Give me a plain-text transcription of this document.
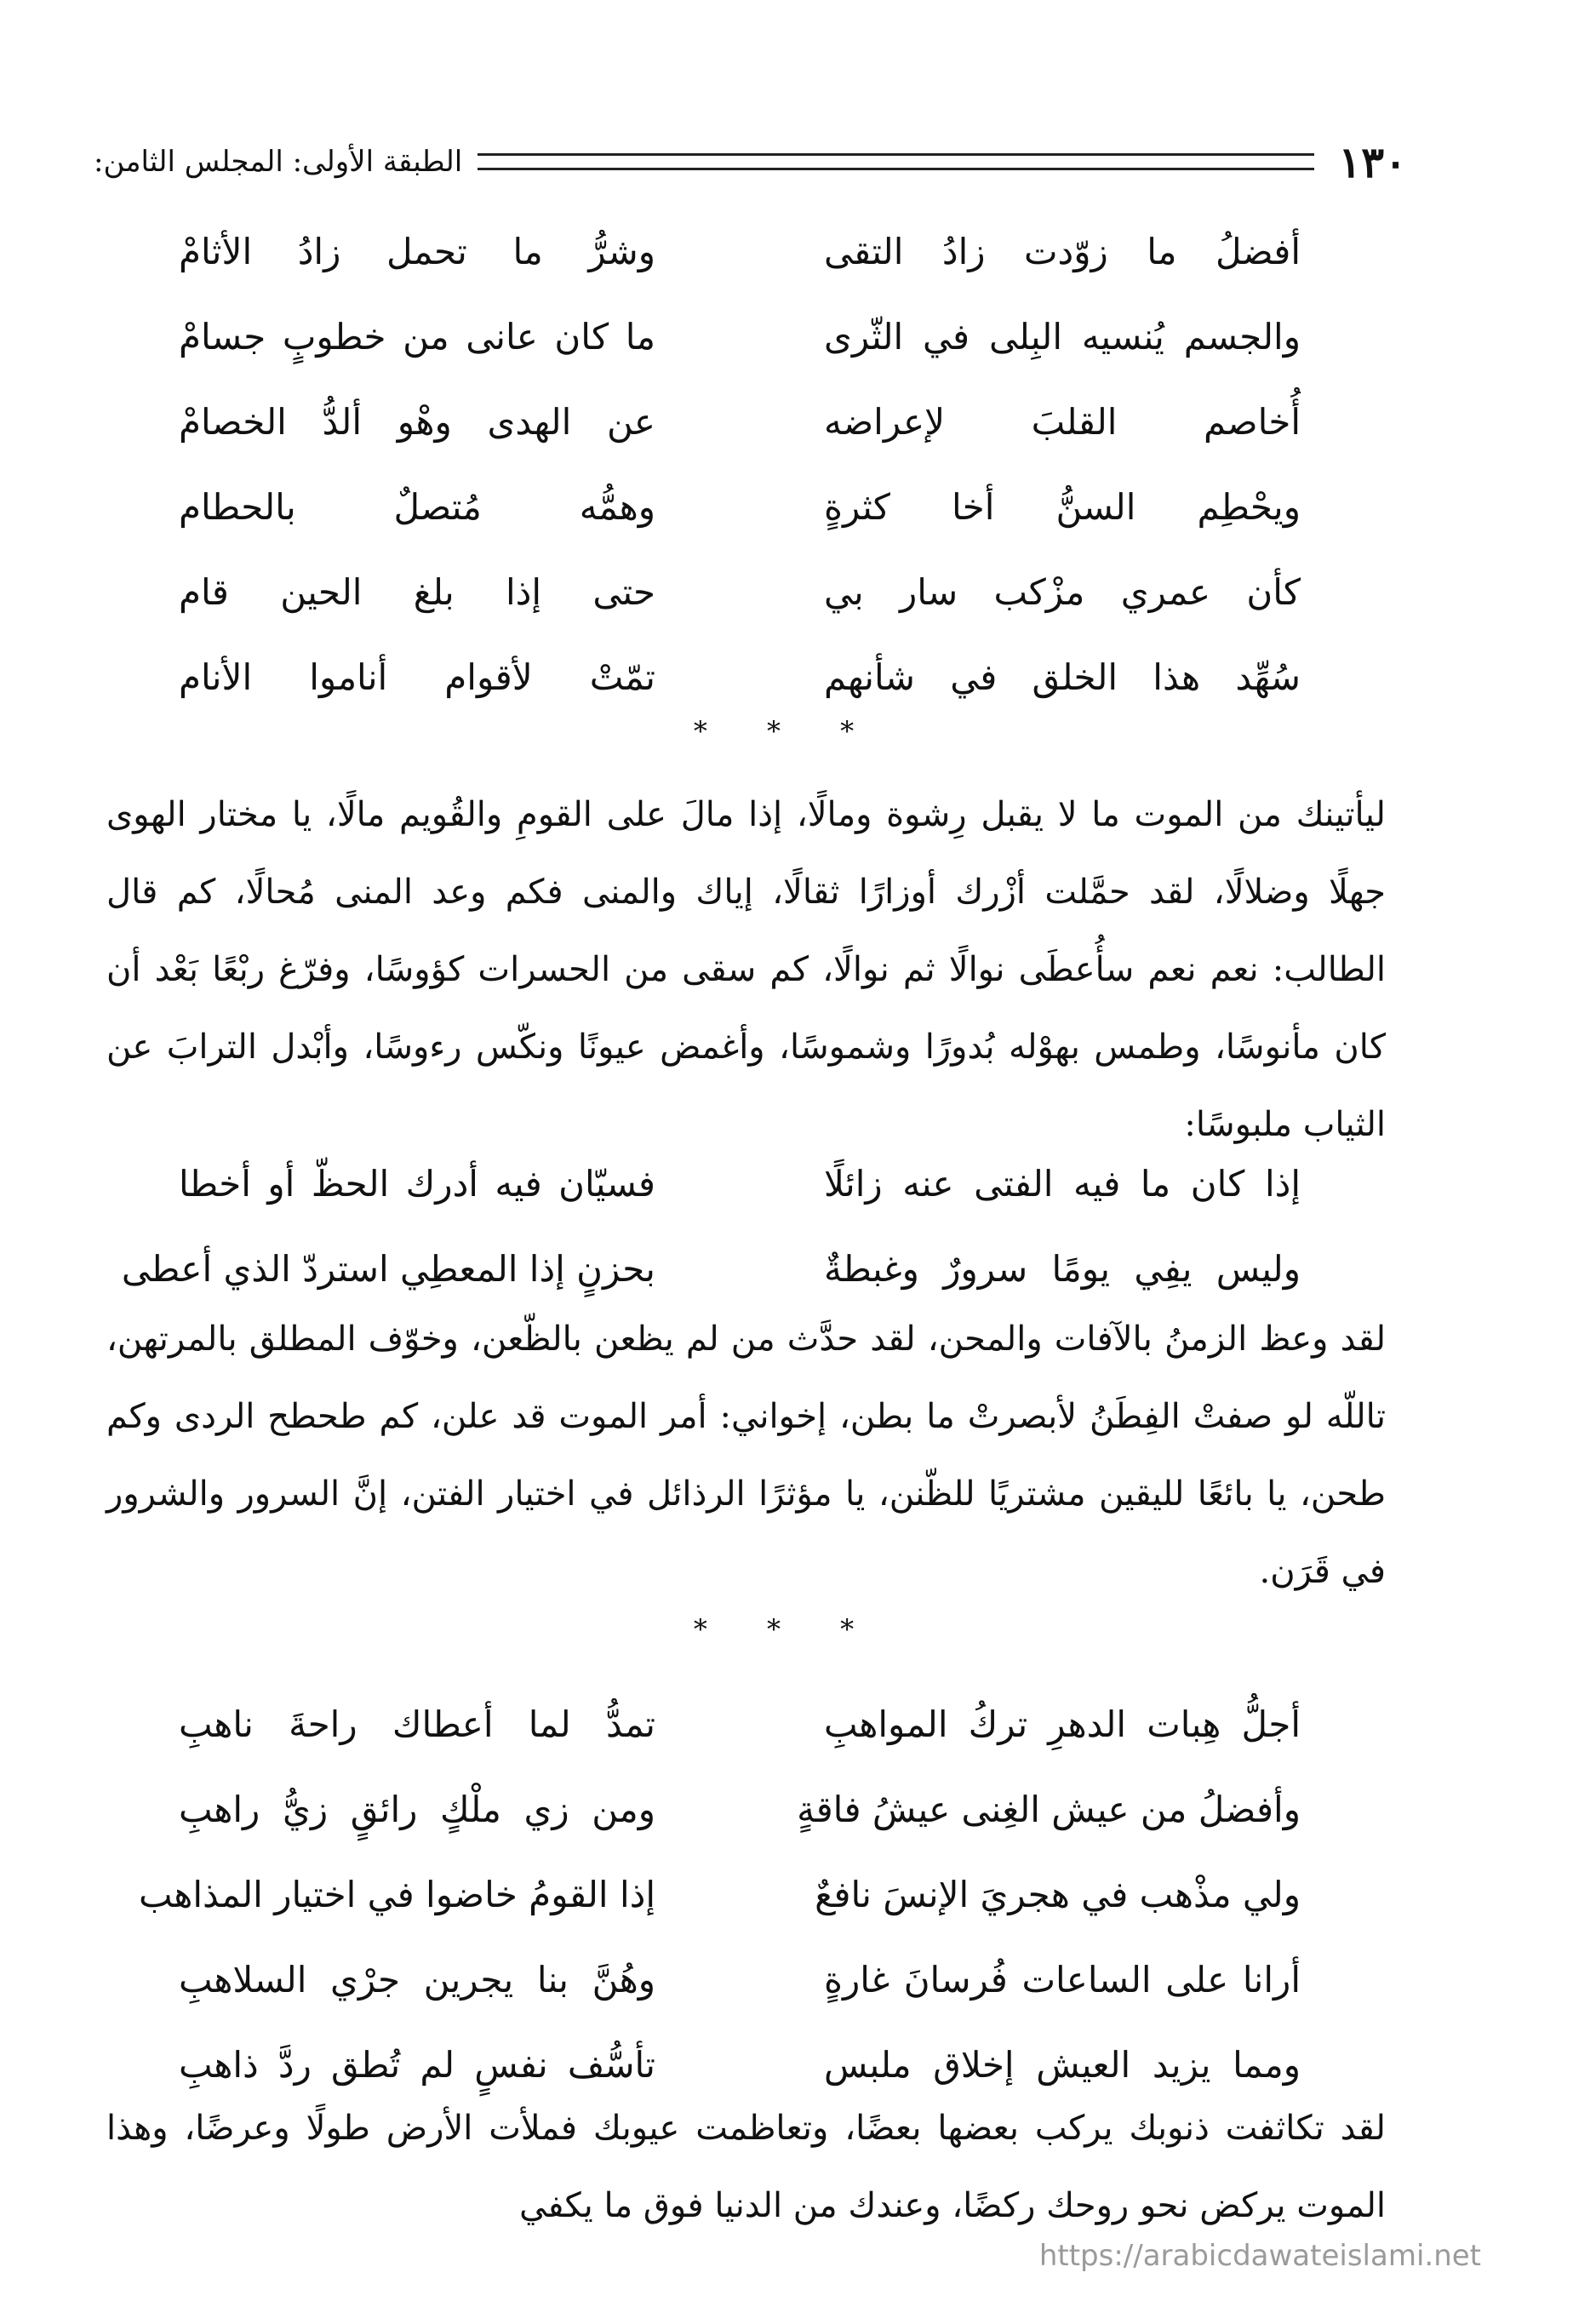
١٣٠
الطبقة الأولى: المجلس الثامن:
أفضلُ ما زوّدت زادُ التقى
وشرُّ ما تحمل زادُ الأثامْ
والجسم يُنسيه البِلى في الثّرى
ما كان عانى من خطوبٍ جسامْ
أُخاصم القلبَ لإعراضه
عن الهدى وهْو ألدُّ الخصامْ
ويحْطِم السنُّ أخا كثرةٍ
وهمُّه مُتصلٌ بالحطام
كأن عمري مزْكب سار بي
حتى إذا بلغ الحين قام
سُهِّد هذا الخلق في شأنهم
تمّتْ لأقوام أناموا الأنام
* * *

ليأتينك من الموت ما لا يقبل رِشوة ومالًا، إذا مالَ على القومِ والقُويم مالًا، يا مختار الهوى جهلًا وضلالًا، لقد حمَّلت أزْرك أوزارًا ثقالًا، إياك والمنى فكم وعد المنى مُحالًا، كم قال الطالب: نعم نعم سأُعطَى نوالًا ثم نوالًا، كم سقى من الحسرات كؤوسًا، وفرّغ ربْعًا بَعْد أن كان مأنوسًا، وطمس بهوْله بُدورًا وشموسًا، وأغمض عيونًا ونكّس رءوسًا، وأبْدل الترابَ عن الثياب ملبوسًا:

إذا كان ما فيه الفتى عنه زائلًا
فسيّان فيه أدرك الحظّ أو أخطا
وليس يفِي يومًا سرورٌ وغبطةٌ
بحزنٍ إذا المعطِي استردّ الذي أعطى

لقد وعظ الزمنُ بالآفات والمحن، لقد حدَّث من لم يظعن بالظّعن، وخوّف المطلق بالمرتهن، تاللّه لو صفتْ الفِطَنُ لأبصرتْ ما بطن، إخواني: أمر الموت قد علن، كم طحطح الردى وكم طحن، يا بائعًا لليقين مشتريًا للظّنن، يا مؤثرًا الرذائل في اختيار الفتن، إنَّ السرور والشرور في قَرَن.

* * *
أجلُّ هِبات الدهرِ تركُ المواهبِ
تمدُّ لما أعطاك راحةَ ناهبِ
وأفضلُ من عيش الغِنى عيشُ فاقةٍ
ومن زي ملْكٍ رائقٍ زيُّ راهبِ
ولي مذْهب في هجريَ الإنسَ نافعٌ
إذا القومُ خاضوا في اختيار المذاهب
أرانا على الساعات فُرسانَ غارةٍ
وهُنَّ بنا يجرين جرْي السلاهبِ
ومما يزيد العيش إخلاق ملبس
تأسُّف نفسٍ لم تُطق ردَّ ذاهبِ

لقد تكاثفت ذنوبك يركب بعضها بعضًا، وتعاظمت عيوبك فملأت الأرض طولًا وعرضًا، وهذا الموت يركض نحو روحك ركضًا، وعندك من الدنيا فوق ما يكفي

https://arabicdawateislami.net
